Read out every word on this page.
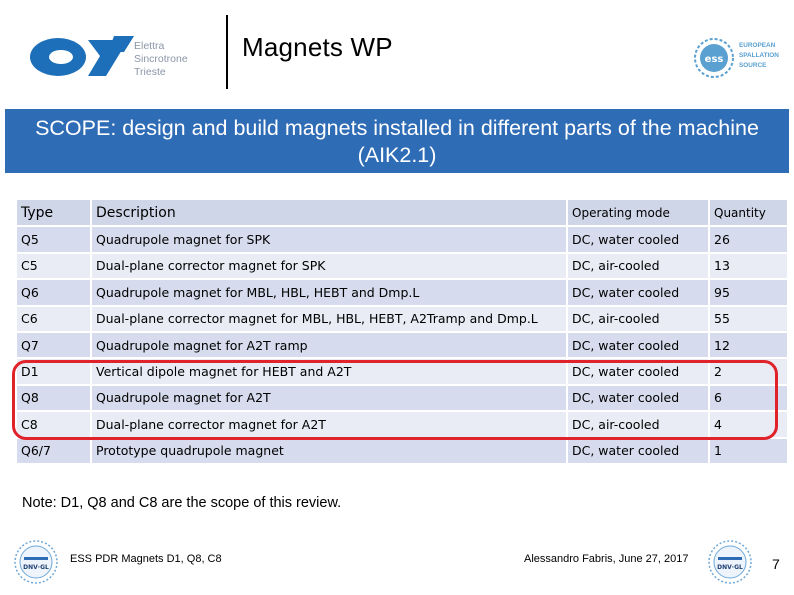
Elettra
Sincrotrone
Trieste
Magnets WP	ess
EUROPEAN
SPALLATION
SOURCE
SCOPE: design and build magnets installed in different parts of the machine (AIK2.1)
Type	Description	Operating mode	Quantity
Q5	Quadrupole magnet for SPK	DC, water cooled	26
C5	Dual-plane corrector magnet for SPK	DC, air-cooled	13
Q6	Quadrupole magnet for MBL, HBL, HEBT and Dmp.L	DC, water cooled	95
C6	Dual-plane corrector magnet for MBL, HBL, HEBT, A2Tramp and Dmp.L	DC, air-cooled	55
Q7	Quadrupole magnet for A2T ramp	DC, water cooled	12
D1	Vertical dipole magnet for HEBT and A2T	DC, water cooled	2
Q8	Quadrupole magnet for A2T	DC, water cooled	6
C8	Dual-plane corrector magnet for A2T	DC, air-cooled	4
Q6/7	Prototype quadrupole magnet	DC, water cooled	1
Note: D1, Q8 and C8 are the scope of this review.
DNV·GL
ESS PDR Magnets D1, Q8, C8	Alessandro Fabris, June 27, 2017
DNV·GL 7
